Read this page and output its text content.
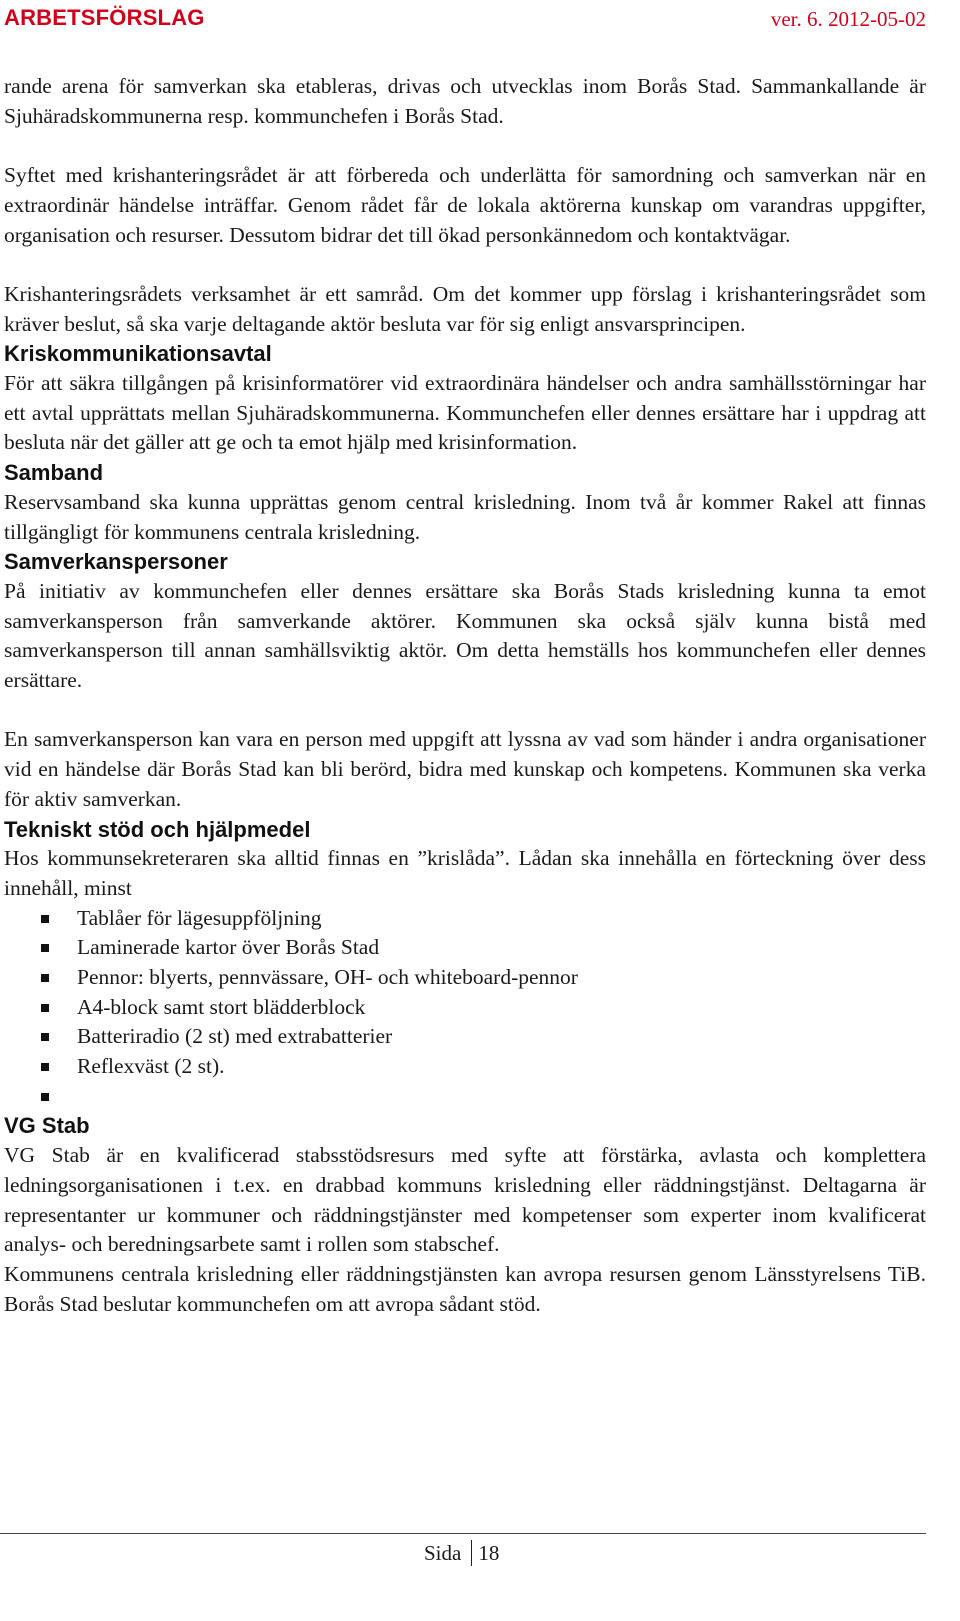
ARBETSFÖRSLAG	ver. 6. 2012-05-02

rande arena för samverkan ska etableras, drivas och utvecklas inom Borås Stad. Sammankallande är Sjuhäradskommunerna resp. kommunchefen i Borås Stad.

Syftet med krishanteringsrådet är att förbereda och underlätta för samordning och samverkan när en extraordinär händelse inträffar. Genom rådet får de lokala aktörerna kunskap om varandras uppgifter, organisation och resurser. Dessutom bidrar det till ökad personkännedom och kontaktvägar.

Krishanteringsrådets verksamhet är ett samråd. Om det kommer upp förslag i krishanteringsrådet som kräver beslut, så ska varje deltagande aktör besluta var för sig enligt ansvarsprincipen.

Kriskommunikationsavtal

För att säkra tillgången på krisinformatörer vid extraordinära händelser och andra samhällsstörningar har ett avtal upprättats mellan Sjuhäradskommunerna. Kommunchefen eller dennes ersättare har i uppdrag att besluta när det gäller att ge och ta emot hjälp med krisinformation.

Samband

Reservsamband ska kunna upprättas genom central krisledning. Inom två år kommer Rakel att finnas tillgängligt för kommunens centrala krisledning.

Samverkanspersoner

På initiativ av kommunchefen eller dennes ersättare ska Borås Stads krisledning kunna ta emot samverkansperson från samverkande aktörer. Kommunen ska också själv kunna bistå med samverkansperson till annan samhällsviktig aktör. Om detta hemställs hos kommunchefen eller dennes ersättare.

En samverkansperson kan vara en person med uppgift att lyssna av vad som händer i andra organisationer vid en händelse där Borås Stad kan bli berörd, bidra med kunskap och kompetens. Kommunen ska verka för aktiv samverkan.

Tekniskt stöd och hjälpmedel

Hos kommunsekreteraren ska alltid finnas en ”krislåda”. Lådan ska innehålla en förteckning över dess innehåll, minst

Tablåer för lägesuppföljning
Laminerade kartor över Borås Stad
Pennor: blyerts, pennvässare, OH- och whiteboard-pennor
A4-block samt stort blädderblock
Batteriradio (2 st) med extrabatterier
Reflexväst (2 st).
VG Stab

VG Stab är en kvalificerad stabsstödsresurs med syfte att förstärka, avlasta och komplettera ledningsorganisationen i t.ex. en drabbad kommuns krisledning eller räddningstjänst. Deltagarna är representanter ur kommuner och räddningstjänster med kompetenser som experter inom kvalificerat analys- och beredningsarbete samt i rollen som stabschef.

Kommunens centrala krisledning eller räddningstjänsten kan avropa resursen genom Länsstyrelsens TiB. Borås Stad beslutar kommunchefen om att avropa sådant stöd.

Sida 18
